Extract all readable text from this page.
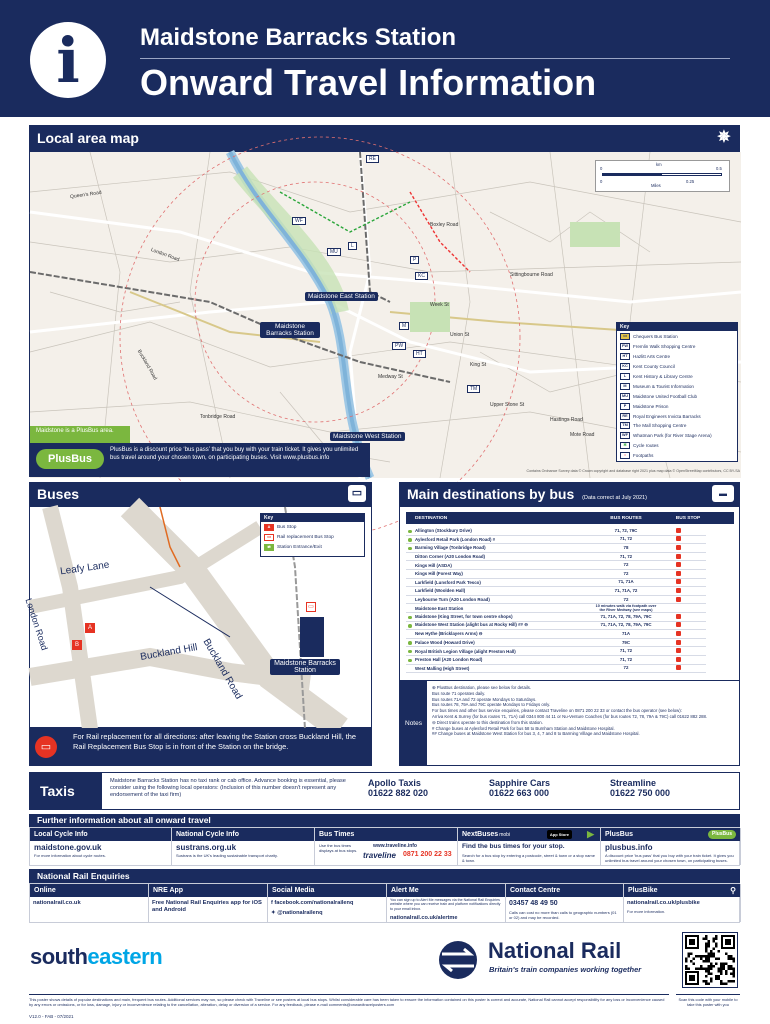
i	Maidstone Barracks Station
Onward Travel Information
Local area map	✵
Maidstone East Station
Maidstone Barracks Station
Maidstone West Station
RE
WF
MU
L
P
KC
M
PW
HT
TM
Queen's Road
London Road
Buckland Road	Medway St
Tonbridge Road	Hastings Road
Mote Road
Sittingbourne Road
Boxley Road
Union St
King St
Week St
Upper Stone St
km
0	0.5
0
Miles
0.25
Key
▭	Chequers Bus Station
FW	Fremlin Walk Shopping Centre
HT	Hazlitt Arts Centre
KC	Kent County Council
L	Kent History & Library Centre
M	Museum & Tourist Information
MU	Maidstone United Football Club
P	Maidstone Prison
RE	Royal Engineers Invicta Barracks
TM	The Mall Shopping Centre
WF	Whatman Park (for River Stage Arena)
✲	Cycle routes
•	Footpaths
Maidstone is a PlusBus area.
PlusBus
PlusBus is a discount price ‘bus pass’ that you buy with your train ticket. It gives you unlimited bus travel around your chosen town, on participating buses. Visit www.plusbus.info
Contains Ordnance Survey data © Crown copyright and database right 2021 plus map data © OpenStreetMap contributors, CC BY-SA
Buses	▭
Leafy Lane
London Road
Buckland Hill Buckland Road	Maidstone Barracks Station
A
B
▭
Key
A	Bus Stop
▭	Rail replacement Bus Stop
⇄	Station Entrance/Exit
▭
For Rail replacement for all directions: after leaving the Station cross Buckland Hill, the Rail Replacement Bus Stop is in front of the Station on the bridge.
Main destinations by bus (Data correct at July 2021)	▬
DESTINATION	BUS ROUTES	BUS STOP
Allington (Stockbury Drive)	71, 72, 79C
Aylesford Retail Park (London Road) #	71, 72
Barming Village (Tonbridge Road)	78
Ditton Corner (A20 London Road)	71, 72
Kings Hill (ASDA)	72
Kings Hill (Forest Way)	72
Larkfield (Lunsford Park Tesco)	71, 71A
Larkfield (Woolden Hall)	71, 71A, 72
Leybourne Turn (A20 London Road)	72
Maidstone East Station	10 minutes walk via footpath over the River Medway (see maps)
Maidstone (King Street, for town centre shops)	71, 71A, 72, 78, 79A, 79C
Maidstone West Station (alight bus at Rocky Hill) ## ⊖	71, 71A, 72, 78, 79A, 79C
New Hythe (Bricklayers Arms) ⊖	71A
Palace Wood (Howard Drive)	79C
Royal British Legion Village (alight Preston Hall)	71, 72
Preston Hall (A20 London Road)	71, 72
West Malling (High Street)	72
Notes
⊕ PlusBus destination, please see below for details.
Bus route 71 operates daily.
Bus routes 71A and 72 operate Mondays to Saturdays.
Bus routes 78, 79A and 79C operate Mondays to Fridays only.
For bus times and other bus service enquiries, please contact Traveline on 0871 200 22 33 or contact the bus operator (see below):
Arriva Kent & Surrey (for bus routes 71, 71A) call 0344 800 44 11 or Nu-Venture Coaches (for bus routes 72, 78, 79A & 79C) call 01622 882 288.
⊖ Direct trains operate to this destination from this station.
# Change buses at Aylesford Retail Park for bus 58 to Burnham Station and Maidstone Hospital.
## Change buses at Maidstone West Station for bus 3, 4, 7 and 8 to Barming Village and Maidstone Hospital.
Taxis
Maidstone Barracks Station has no taxi rank or cab office. Advance booking is essential, please consider using the following local operators: (Inclusion of this number doesn't represent any endorsement of the taxi firm)
Apollo Taxis
01622 882 020
Sapphire Cars
01622 663 000
Streamline
01622 750 000
Further information about all onward travel
Local Cycle Info
maidstone.gov.uk
For more information about cycle routes.
National Cycle Info
sustrans.org.uk
Sustrans is the UK's leading sustainable transport charity.
Bus Times
Use the bus times displays at bus stops.
www.traveline.info
traveline 0871 200 22 33
NextBusesmobi	App Store	▶
Find the bus times for your stop.
Search for a bus stop by entering a postcode, street & town or a stop name & town.
PlusBus	PlusBus
plusbus.info
A discount price 'bus pass' that you buy with your train ticket. It gives you unlimited bus travel around your chosen town, on participating buses.
National Rail Enquiries
Online
nationalrail.co.uk
NRE App
Free National Rail Enquiries app for iOS and Android
Social Media
f facebook.com/nationalrailenq
✦ @nationalrailenq
Alert Me
You can sign up to Alert Me messages via the National Rail Enquiries website where you can receive train and platform notifications directly to your email inbox.
nationalrail.co.uk/alertme
Contact Centre
03457 48 49 50
Calls can cost no more than calls to geographic numbers (01 or 02) and may be recorded.
PlusBike	⚲
nationalrail.co.uk/plusbike
For more information.
southeastern	National Rail
Britain's train companies working together
This poster shows details of popular destinations and main, frequent bus routes. Additional services may run, so please check with Traveline or see posters at local bus stops. Whilst considerable care has been taken to ensure the information contained on this poster is correct and accurate, National Rail cannot accept responsibility for any loss or inconvenience caused by any errors or omissions, or for loss, damage, injury or inconvenience relating to the cancellation, alteration, delay or diversion of a service. For any feedback, please e-mail comments@onwardtravelposters.com
Scan this code with your mobile to take this poster with you
V12.0 - FAB - 07/2021
